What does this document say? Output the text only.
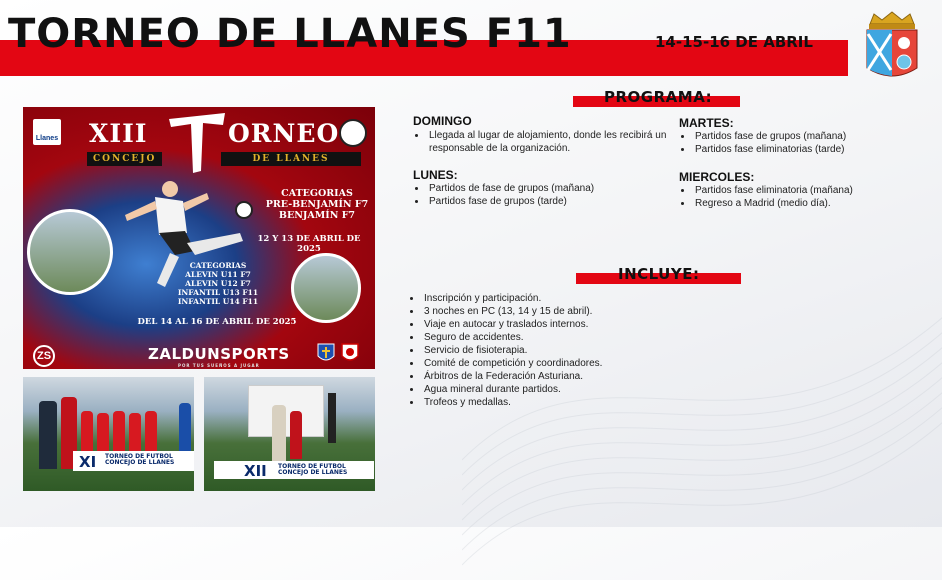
TORNEO DE LLANES F11	14-15-16 DE ABRIL
Llanes XIII	ORNEO
CONCEJO	DE LLANES
CATEGORIAS
PRE-BENJAMÍN F7
BENJAMÍN F7
12 Y 13 DE ABRIL DE 2025
CATEGORIAS
ALEVIN U11 F7
ALEVIN U12 F7
INFANTIL U13 F11
INFANTIL U14 F11
DEL 14 AL 16 DE ABRIL DE 2025
ZS	ZALDUNSPORTS
POR TUS SUEÑOS A JUGAR
XI TORNEO DE FUTBOL
CONCEJO DE LLANES	XII TORNEO DE FUTBOL
CONCEJO DE LLANES
PROGRAMA:
DOMINGO
• Llegada al lugar de alojamiento, donde les recibirá un responsable de la organización.
LUNES:
• Partidos de fase de grupos (mañana)
• Partidos fase de grupos (tarde)
MARTES:
• Partidos fase de grupos (mañana)
• Partidos fase eliminatorias (tarde)
MIERCOLES:
• Partidos fase eliminatoria (mañana)
• Regreso a Madrid (medio día).
INCLUYE:
• Inscripción y participación.
• 3 noches en PC (13, 14 y 15 de abril).
• Viaje en autocar y traslados internos.
• Seguro de accidentes.
• Servicio de fisioterapia.
• Comité de competición y coordinadores.
• Árbitros de la Federación Asturiana.
• Agua mineral durante partidos.
• Trofeos y medallas.
